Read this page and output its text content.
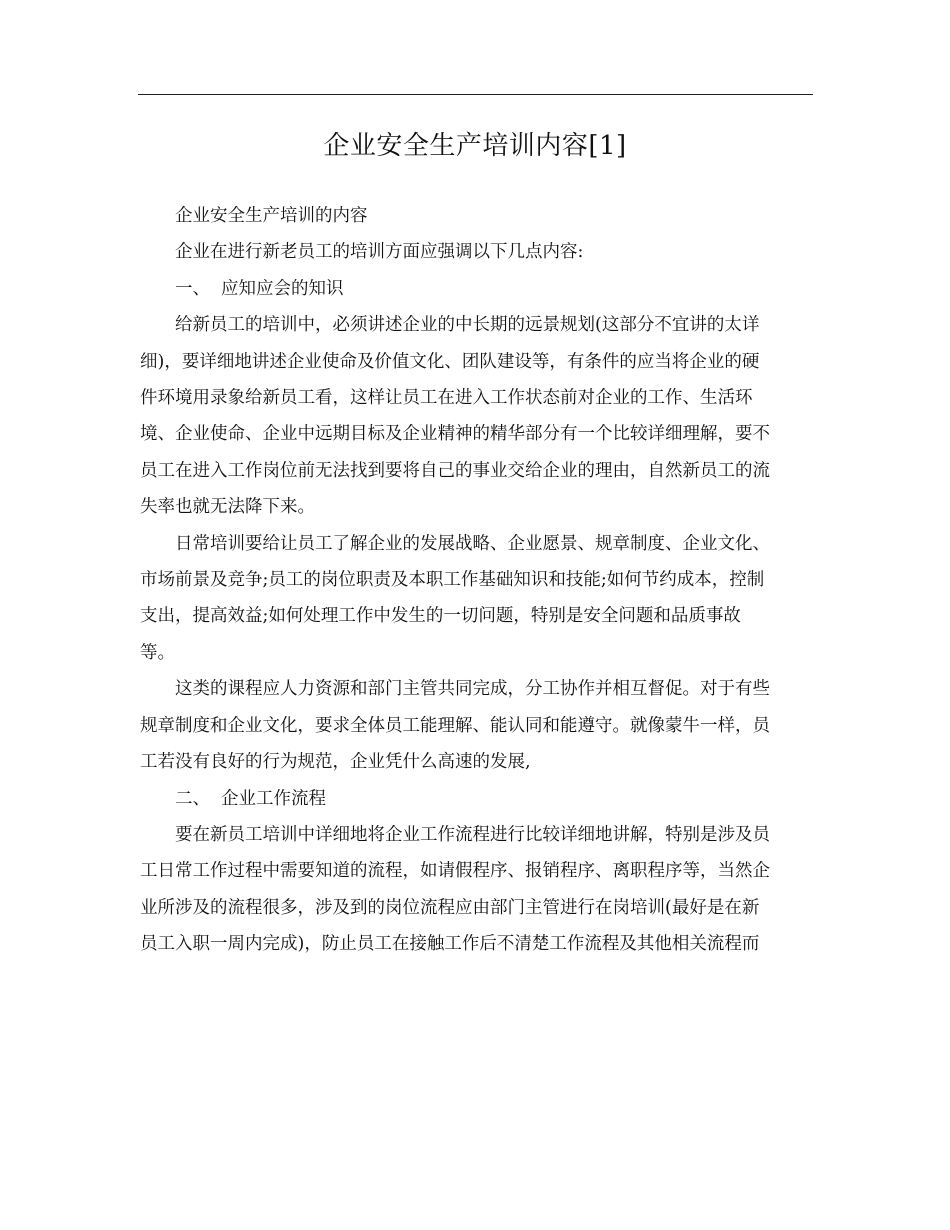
企业安全生产培训内容[1]

企业安全生产培训的内容

企业在进行新老员工的培训方面应强调以下几点内容:

一、 应知应会的知识

给新员工的培训中，必须讲述企业的中长期的远景规划(这部分不宜讲的太详
细)，要详细地讲述企业使命及价值文化、团队建设等，有条件的应当将企业的硬
件环境用录象给新员工看，这样让员工在进入工作状态前对企业的工作、生活环
境、企业使命、企业中远期目标及企业精神的精华部分有一个比较详细理解，要不
员工在进入工作岗位前无法找到要将自己的事业交给企业的理由，自然新员工的流
失率也就无法降下来。
日常培训要给让员工了解企业的发展战略、企业愿景、规章制度、企业文化、
市场前景及竞争;员工的岗位职责及本职工作基础知识和技能;如何节约成本，控制
支出，提高效益;如何处理工作中发生的一切问题，特别是安全问题和品质事故
等。
这类的课程应人力资源和部门主管共同完成，分工协作并相互督促。对于有些
规章制度和企业文化，要求全体员工能理解、能认同和能遵守。就像蒙牛一样，员
工若没有良好的行为规范，企业凭什么高速的发展,

二、 企业工作流程

要在新员工培训中详细地将企业工作流程进行比较详细地讲解，特别是涉及员
工日常工作过程中需要知道的流程，如请假程序、报销程序、离职程序等，当然企
业所涉及的流程很多，涉及到的岗位流程应由部门主管进行在岗培训(最好是在新
员工入职一周内完成)，防止员工在接触工作后不清楚工作流程及其他相关流程而
